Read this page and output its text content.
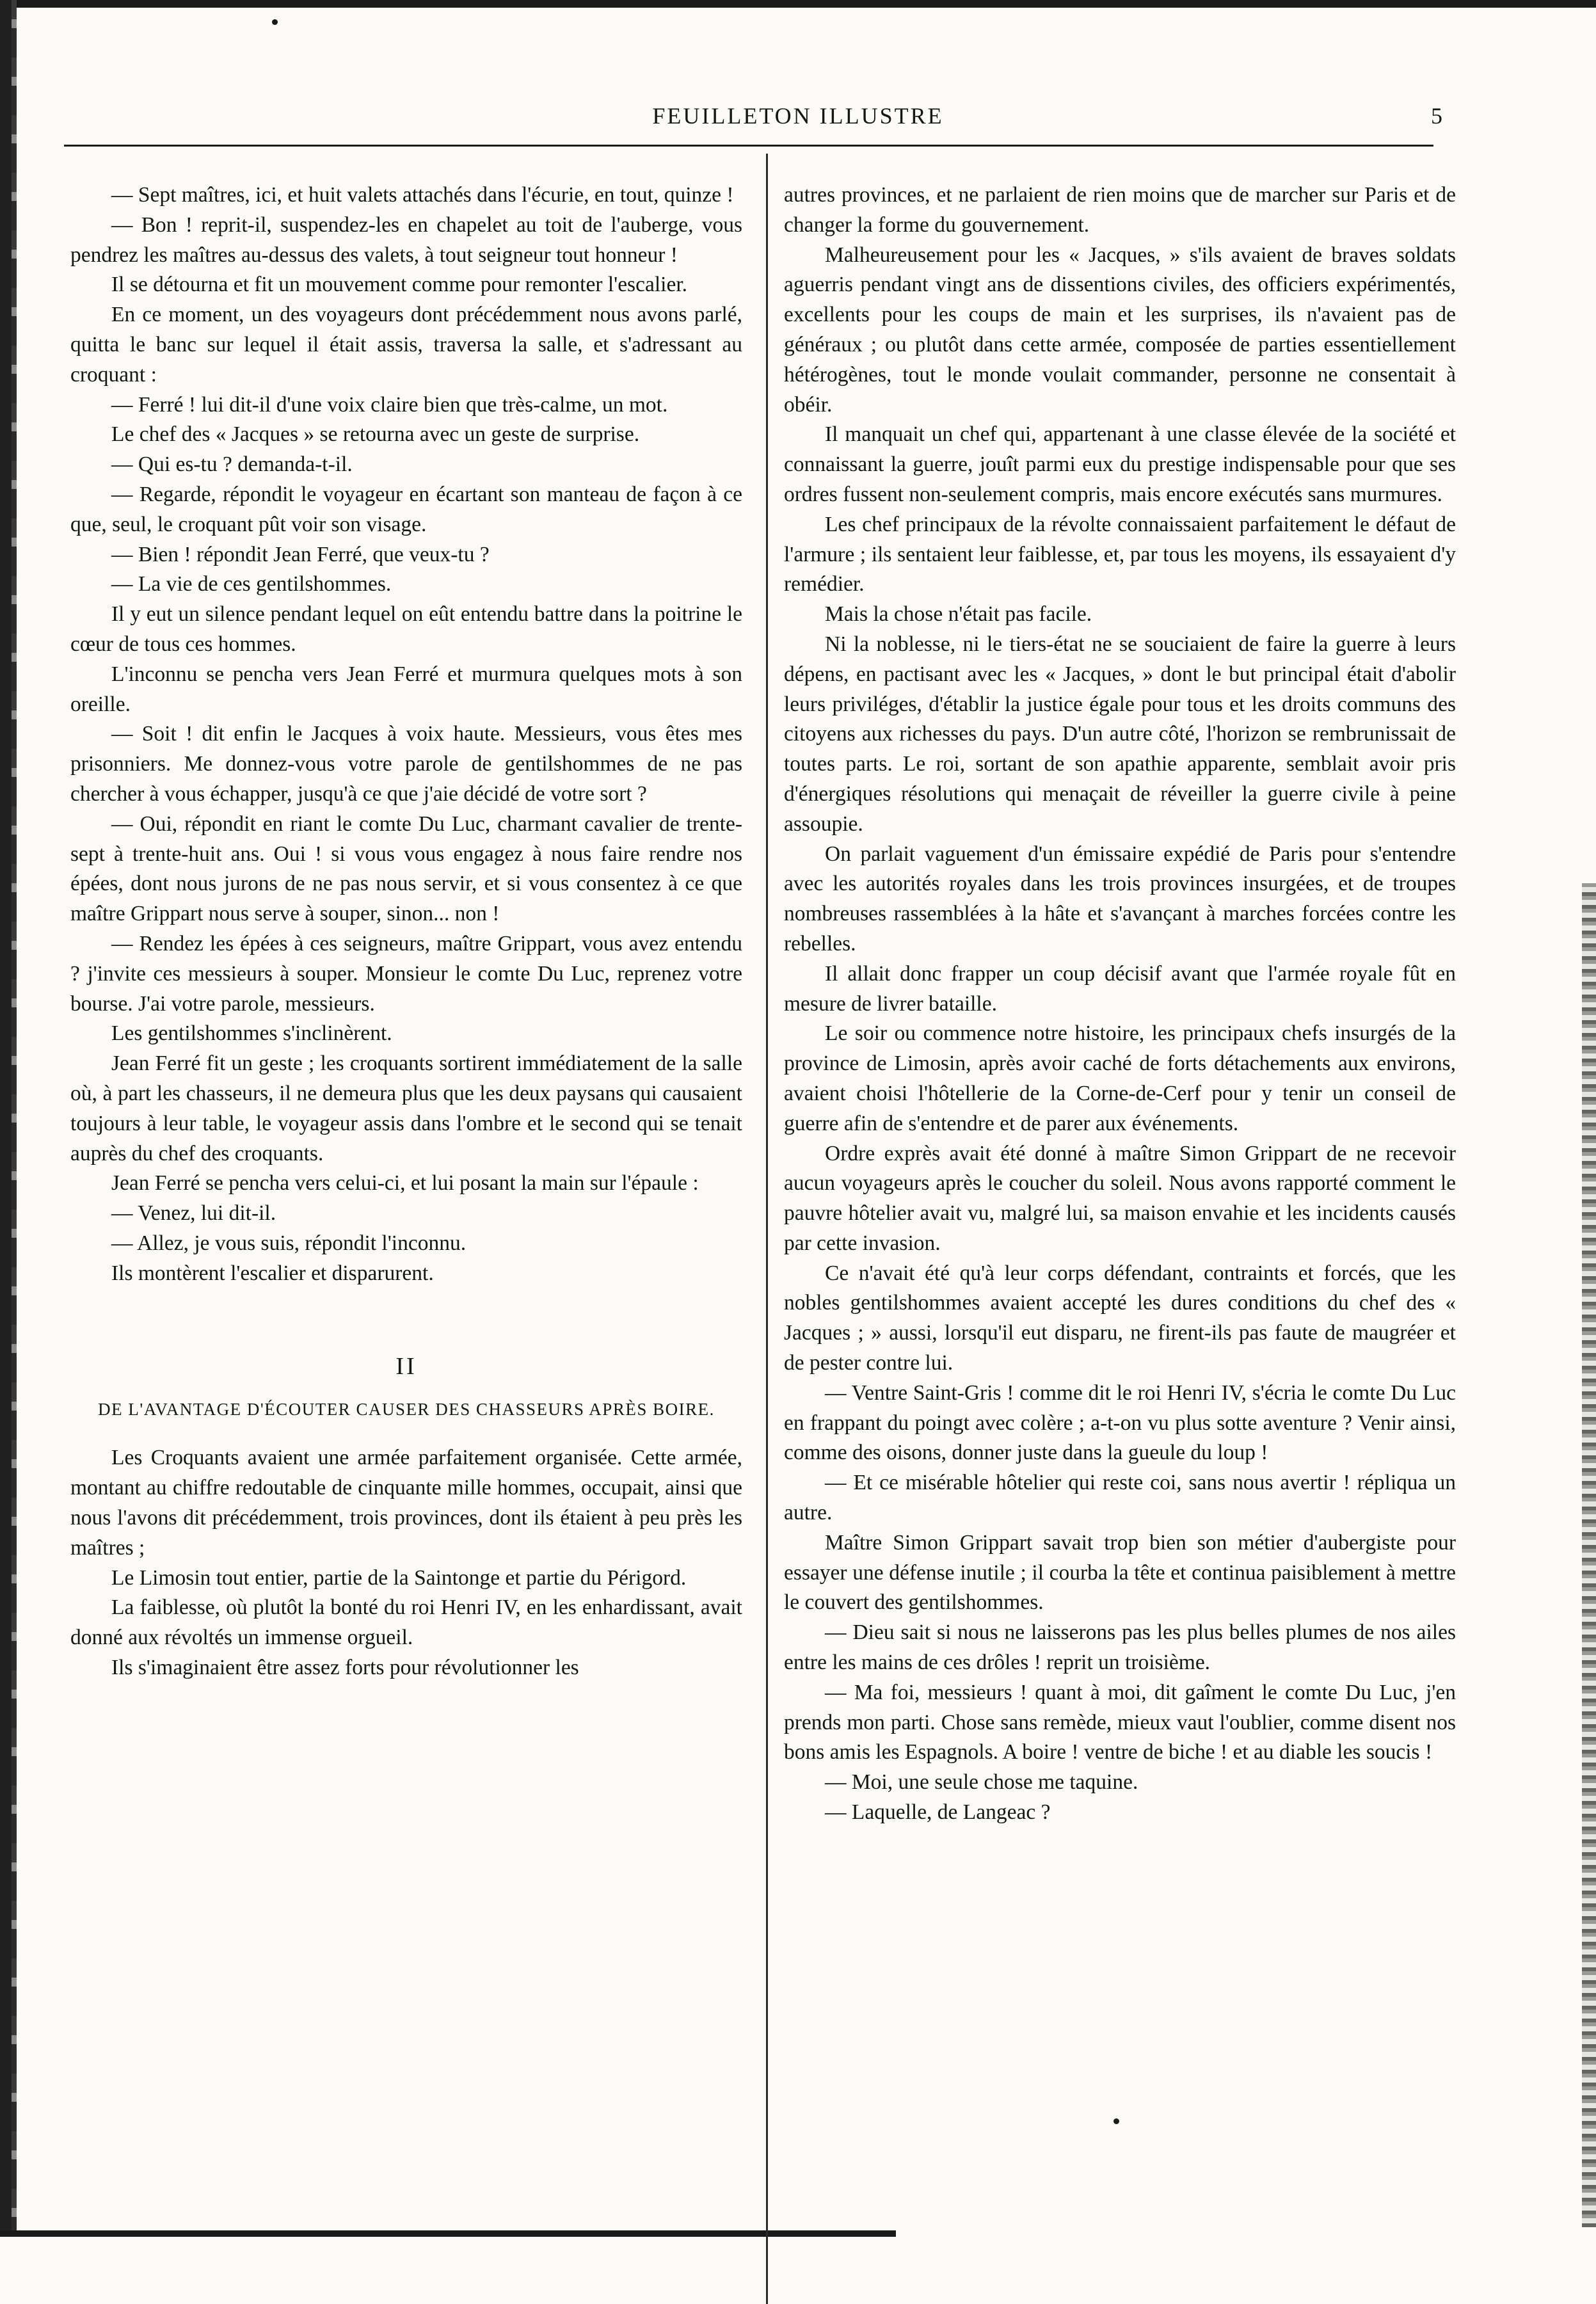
FEUILLETON ILLUSTRE	5

— Sept maîtres, ici, et huit valets attachés dans l'écurie, en tout, quinze !

— Bon ! reprit-il, suspendez-les en chapelet au toit de l'auberge, vous pendrez les maîtres au-dessus des valets, à tout seigneur tout honneur !

Il se détourna et fit un mouvement comme pour remonter l'escalier.

En ce moment, un des voyageurs dont précédemment nous avons parlé, quitta le banc sur lequel il était assis, traversa la salle, et s'adressant au croquant :

— Ferré ! lui dit-il d'une voix claire bien que très-calme, un mot.

Le chef des « Jacques » se retourna avec un geste de surprise.

— Qui es-tu ? demanda-t-il.

— Regarde, répondit le voyageur en écartant son manteau de façon à ce que, seul, le croquant pût voir son visage.

— Bien ! répondit Jean Ferré, que veux-tu ?

— La vie de ces gentilshommes.

Il y eut un silence pendant lequel on eût entendu battre dans la poitrine le cœur de tous ces hommes.

L'inconnu se pencha vers Jean Ferré et murmura quelques mots à son oreille.

— Soit ! dit enfin le Jacques à voix haute. Messieurs, vous êtes mes prisonniers. Me donnez-vous votre parole de gentilshommes de ne pas chercher à vous échapper, jusqu'à ce que j'aie décidé de votre sort ?

— Oui, répondit en riant le comte Du Luc, charmant cavalier de trente-sept à trente-huit ans. Oui ! si vous vous engagez à nous faire rendre nos épées, dont nous jurons de ne pas nous servir, et si vous consentez à ce que maître Grippart nous serve à souper, sinon... non !

— Rendez les épées à ces seigneurs, maître Grippart, vous avez entendu ? j'invite ces messieurs à souper. Monsieur le comte Du Luc, reprenez votre bourse. J'ai votre parole, messieurs.

Les gentilshommes s'inclinèrent.

Jean Ferré fit un geste ; les croquants sortirent immédiatement de la salle où, à part les chasseurs, il ne demeura plus que les deux paysans qui causaient toujours à leur table, le voyageur assis dans l'ombre et le second qui se tenait auprès du chef des croquants.

Jean Ferré se pencha vers celui-ci, et lui posant la main sur l'épaule :

— Venez, lui dit-il.

— Allez, je vous suis, répondit l'inconnu.

Ils montèrent l'escalier et disparurent.

II
DE L'AVANTAGE D'ÉCOUTER CAUSER DES CHASSEURS APRÈS BOIRE.

Les Croquants avaient une armée parfaitement organisée. Cette armée, montant au chiffre redoutable de cinquante mille hommes, occupait, ainsi que nous l'avons dit précédemment, trois provinces, dont ils étaient à peu près les maîtres ;

Le Limosin tout entier, partie de la Saintonge et partie du Périgord.

La faiblesse, où plutôt la bonté du roi Henri IV, en les enhardissant, avait donné aux révoltés un immense orgueil.

Ils s'imaginaient être assez forts pour révolutionner les

autres provinces, et ne parlaient de rien moins que de marcher sur Paris et de changer la forme du gouvernement.

Malheureusement pour les « Jacques, » s'ils avaient de braves soldats aguerris pendant vingt ans de dissentions civiles, des officiers expérimentés, excellents pour les coups de main et les surprises, ils n'avaient pas de généraux ; ou plutôt dans cette armée, composée de parties essentiellement hétérogènes, tout le monde voulait commander, personne ne consentait à obéir.

Il manquait un chef qui, appartenant à une classe élevée de la société et connaissant la guerre, jouît parmi eux du prestige indispensable pour que ses ordres fussent non-seulement compris, mais encore exécutés sans murmures.

Les chef principaux de la révolte connaissaient parfaitement le défaut de l'armure ; ils sentaient leur faiblesse, et, par tous les moyens, ils essayaient d'y remédier.

Mais la chose n'était pas facile.

Ni la noblesse, ni le tiers-état ne se souciaient de faire la guerre à leurs dépens, en pactisant avec les « Jacques, » dont le but principal était d'abolir leurs priviléges, d'établir la justice égale pour tous et les droits communs des citoyens aux richesses du pays. D'un autre côté, l'horizon se rembrunissait de toutes parts. Le roi, sortant de son apathie apparente, semblait avoir pris d'énergiques résolutions qui menaçait de réveiller la guerre civile à peine assoupie.

On parlait vaguement d'un émissaire expédié de Paris pour s'entendre avec les autorités royales dans les trois provinces insurgées, et de troupes nombreuses rassemblées à la hâte et s'avançant à marches forcées contre les rebelles.

Il allait donc frapper un coup décisif avant que l'armée royale fût en mesure de livrer bataille.

Le soir ou commence notre histoire, les principaux chefs insurgés de la province de Limosin, après avoir caché de forts détachements aux environs, avaient choisi l'hôtellerie de la Corne-de-Cerf pour y tenir un conseil de guerre afin de s'entendre et de parer aux événements.

Ordre exprès avait été donné à maître Simon Grippart de ne recevoir aucun voyageurs après le coucher du soleil. Nous avons rapporté comment le pauvre hôtelier avait vu, malgré lui, sa maison envahie et les incidents causés par cette invasion.

Ce n'avait été qu'à leur corps défendant, contraints et forcés, que les nobles gentilshommes avaient accepté les dures conditions du chef des « Jacques ; » aussi, lorsqu'il eut disparu, ne firent-ils pas faute de maugréer et de pester contre lui.

— Ventre Saint-Gris ! comme dit le roi Henri IV, s'écria le comte Du Luc en frappant du poingt avec colère ; a-t-on vu plus sotte aventure ? Venir ainsi, comme des oisons, donner juste dans la gueule du loup !

— Et ce misérable hôtelier qui reste coi, sans nous avertir ! répliqua un autre.

Maître Simon Grippart savait trop bien son métier d'aubergiste pour essayer une défense inutile ; il courba la tête et continua paisiblement à mettre le couvert des gentilshommes.

— Dieu sait si nous ne laisserons pas les plus belles plumes de nos ailes entre les mains de ces drôles ! reprit un troisième.

— Ma foi, messieurs ! quant à moi, dit gaîment le comte Du Luc, j'en prends mon parti. Chose sans remède, mieux vaut l'oublier, comme disent nos bons amis les Espagnols. A boire ! ventre de biche ! et au diable les soucis !

— Moi, une seule chose me taquine.

— Laquelle, de Langeac ?
